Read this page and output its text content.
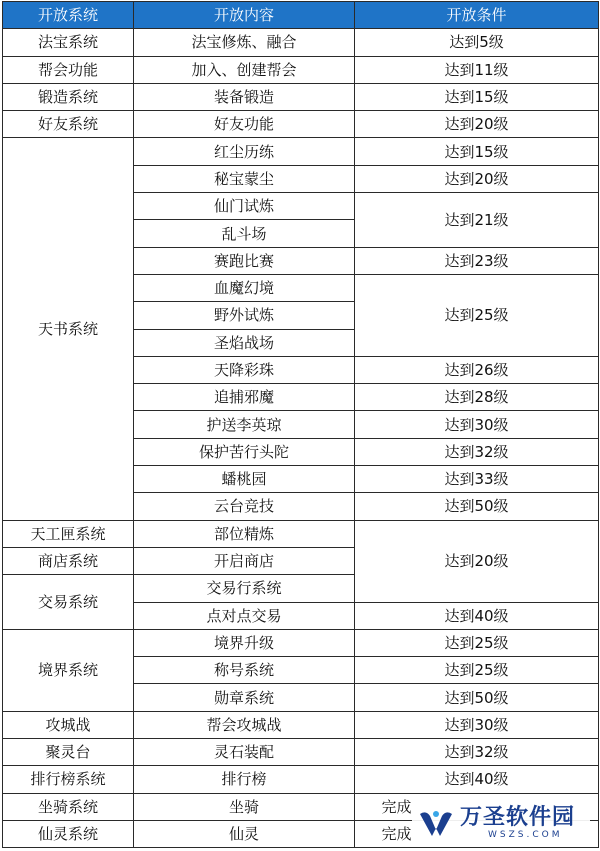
开放系统	开放内容	开放条件
法宝系统	法宝修炼、融合	达到5级
帮会功能	加入、创建帮会	达到11级
锻造系统	装备锻造	达到15级
好友系统	好友功能	达到20级
天书系统	红尘历练	达到15级
	秘宝蒙尘	达到20级
	仙门试炼	达到21级
	乱斗场	
	赛跑比赛	达到23级
	血魔幻境	达到25级
	野外试炼	
	圣焰战场	
	天降彩珠	达到26级
	追捕邪魔	达到28级
	护送李英琼	达到30级
	保护苦行头陀	达到32级
	蟠桃园	达到33级
	云台竞技	达到50级
天工匣系统	部位精炼	达到20级
商店系统	开启商店	
交易系统	交易行系统	
	点对点交易	达到40级
境界系统	境界升级	达到25级
	称号系统	达到25级
	勋章系统	达到50级
攻城战	帮会攻城战	达到30级
聚灵台	灵石装配	达到32级
排行榜系统	排行榜	达到40级
坐骑系统	坐骑	完成
仙灵系统	仙灵	完成
万圣软件园
WSZS.COM
